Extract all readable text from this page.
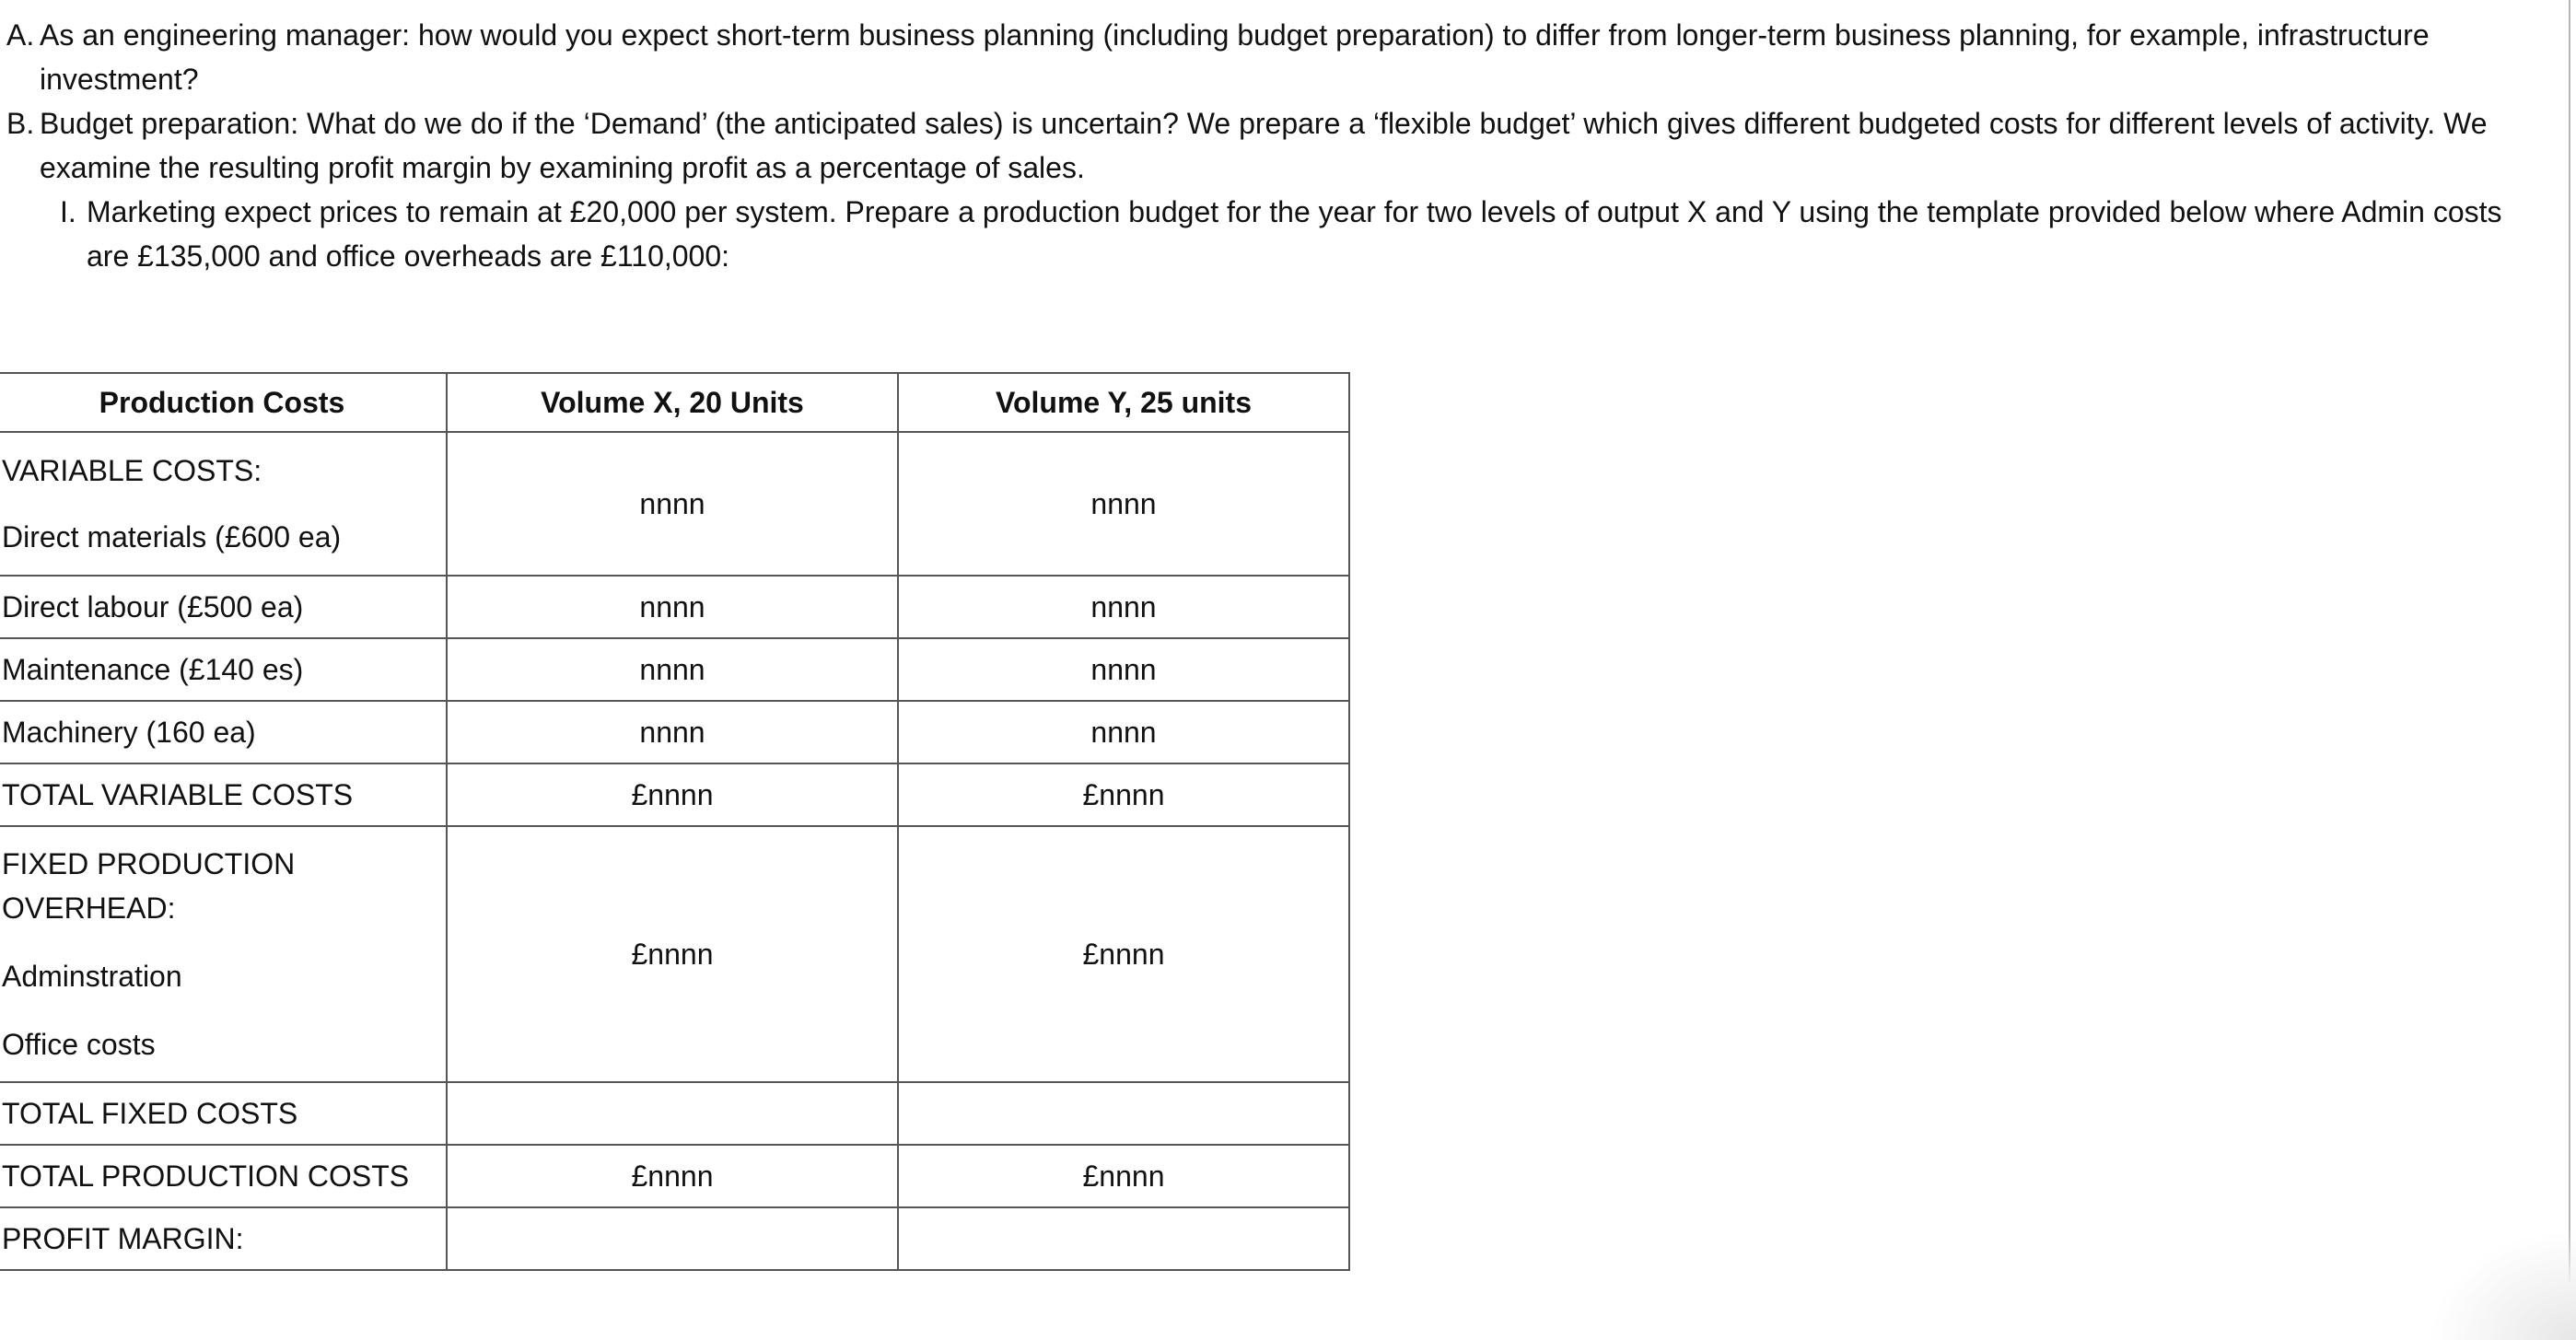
A. As an engineering manager: how would you expect short-term business planning (including budget preparation) to differ from longer-term business planning, for example, infrastructure investment?
B. Budget preparation: What do we do if the ‘Demand’ (the anticipated sales) is uncertain? We prepare a ‘flexible budget’ which gives different budgeted costs for different levels of activity. We examine the resulting profit margin by examining profit as a percentage of sales.
I. Marketing expect prices to remain at £20,000 per system. Prepare a production budget for the year for two levels of output X and Y using the template provided below where Admin costs are £135,000 and office overheads are £110,000:
Production Costs	Volume X, 20 Units	Volume Y, 25 units

VARIABLE COSTS:
Direct materials (£600 ea)	nnnn	nnnn
Direct labour (£500 ea)	nnnn	nnnn
Maintenance (£140 es)	nnnn	nnnn
Machinery (160 ea)	nnnn	nnnn
TOTAL VARIABLE COSTS	£nnnn	£nnnn

FIXED PRODUCTION OVERHEAD:
Adminstration
Office costs	£nnnn	£nnnn
TOTAL FIXED COSTS		
TOTAL PRODUCTION COSTS	£nnnn	£nnnn
PROFIT MARGIN:		
